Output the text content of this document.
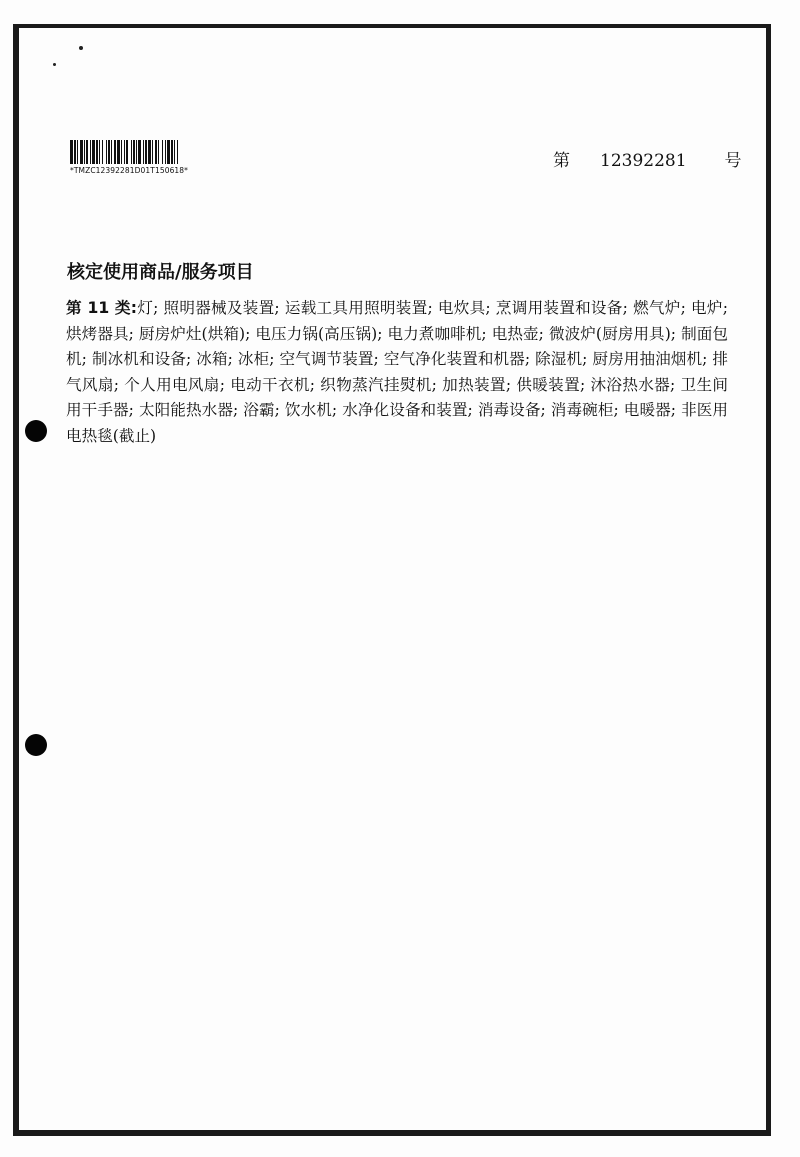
*TMZC12392281D01T150618*	第 12392281 号
核定使用商品/服务项目
第 11 类:灯; 照明器械及装置; 运载工具用照明装置; 电炊具; 烹调用装置和设备; 燃气炉; 电炉; 烘烤器具; 厨房炉灶(烘箱); 电压力锅(高压锅); 电力煮咖啡机; 电热壶; 微波炉(厨房用具); 制面包机; 制冰机和设备; 冰箱; 冰柜; 空气调节装置; 空气净化装置和机器; 除湿机; 厨房用抽油烟机; 排气风扇; 个人用电风扇; 电动干衣机; 织物蒸汽挂熨机; 加热装置; 供暖装置; 沐浴热水器; 卫生间用干手器; 太阳能热水器; 浴霸; 饮水机; 水净化设备和装置; 消毒设备; 消毒碗柜; 电暖器; 非医用电热毯(截止)
